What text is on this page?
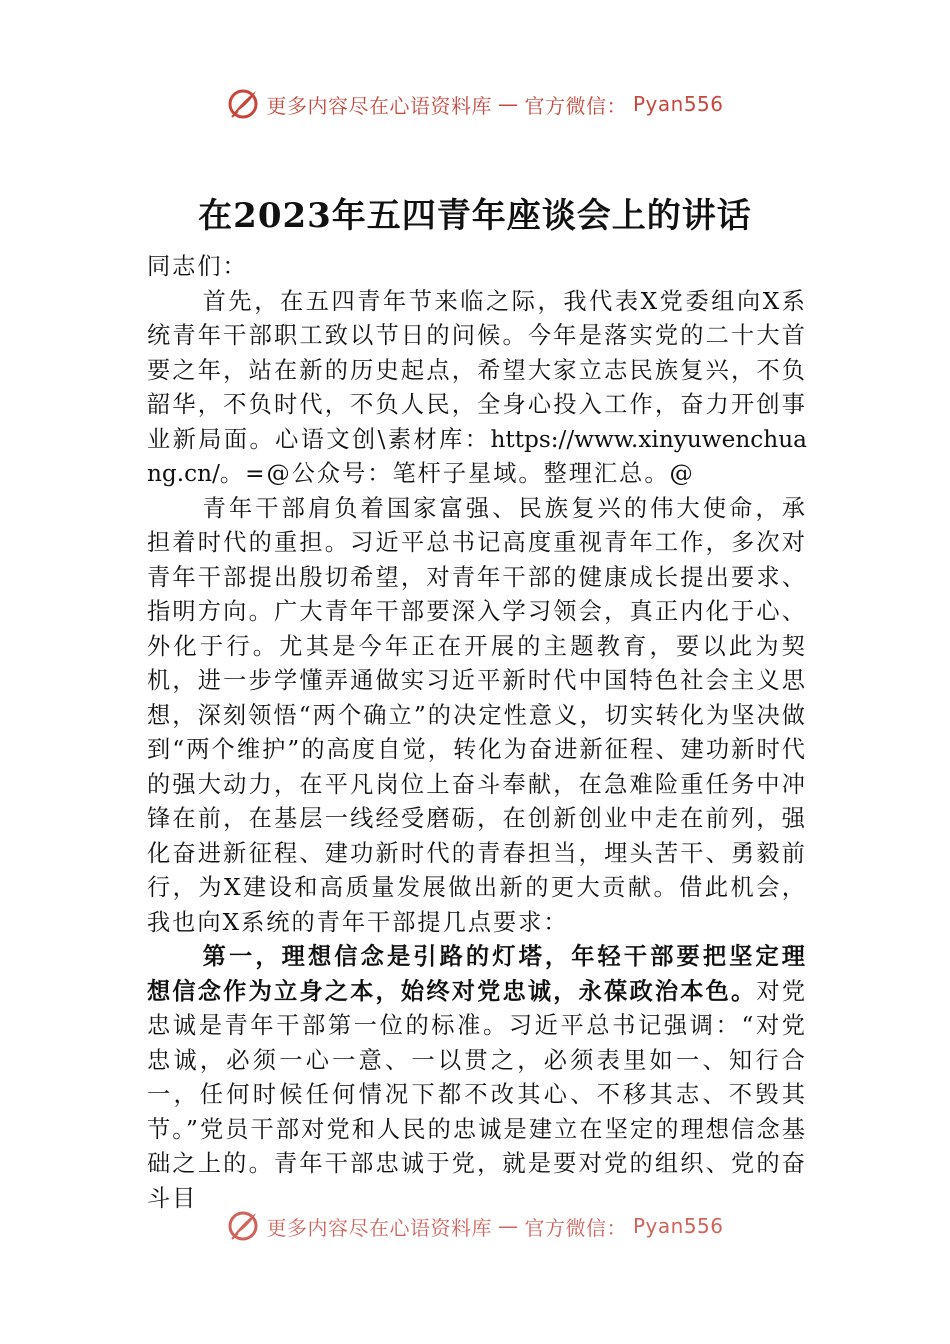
更多内容尽在心语资料库 — 官方微信： Pyan556
在2023年五四青年座谈会上的讲话

同志们：

首先，在五四青年节来临之际，我代表X党委组向X系统青年干部职工致以节日的问候。今年是落实党的二十大首要之年，站在新的历史起点，希望大家立志民族复兴，不负韶华，不负时代，不负人民，全身心投入工作，奋力开创事业新局面。心语文创\素材库：https://www.xinyuwenchuang.cn/。=@公众号：笔杆子星域。整理汇总。@

青年干部肩负着国家富强、民族复兴的伟大使命，承担着时代的重担。习近平总书记高度重视青年工作，多次对青年干部提出殷切希望，对青年干部的健康成长提出要求、指明方向。广大青年干部要深入学习领会，真正内化于心、外化于行。尤其是今年正在开展的主题教育，要以此为契机，进一步学懂弄通做实习近平新时代中国特色社会主义思想，深刻领悟“两个确立”的决定性意义，切实转化为坚决做到“两个维护”的高度自觉，转化为奋进新征程、建功新时代的强大动力，在平凡岗位上奋斗奉献，在急难险重任务中冲锋在前，在基层一线经受磨砺，在创新创业中走在前列，强化奋进新征程、建功新时代的青春担当，埋头苦干、勇毅前行，为X建设和高质量发展做出新的更大贡献。借此机会，我也向X系统的青年干部提几点要求：

第一，理想信念是引路的灯塔，年轻干部要把坚定理想信念作为立身之本，始终对党忠诚，永葆政治本色。对党忠诚是青年干部第一位的标准。习近平总书记强调：“对党忠诚，必须一心一意、一以贯之，必须表里如一、知行合一，任何时候任何情况下都不改其心、不移其志、不毁其节。”党员干部对党和人民的忠诚是建立在坚定的理想信念基础之上的。青年干部忠诚于党，就是要对党的组织、党的奋斗目

更多内容尽在心语资料库 — 官方微信： Pyan556
